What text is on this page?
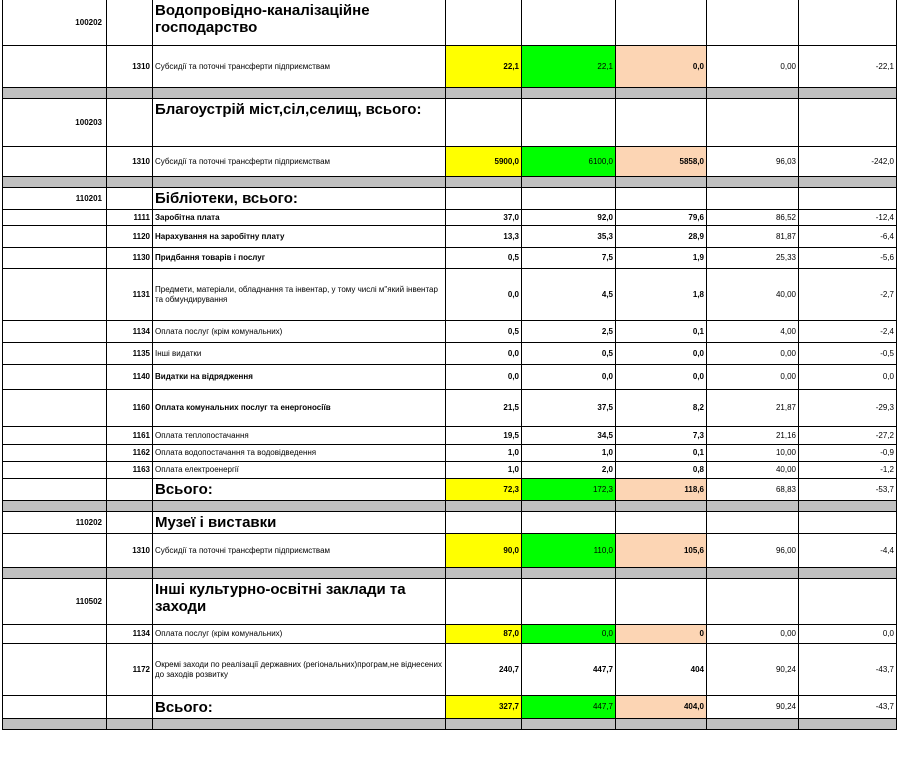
100202		Водопровідно-каналізаційне господарство					
	1310	Субсидії та поточні трансферти підприємствам	22,1	22,1	0,0	0,00	-22,1

100203		Благоустрій міст,сіл,селищ, всього:					
	1310	Субсидії та поточні трансферти підприємствам	5900,0	6100,0	5858,0	96,03	-242,0

110201		Бібліотеки, всього:					
	1111	Заробітна плата	37,0	92,0	79,6	86,52	-12,4
	1120	Нарахування на заробітну плату	13,3	35,3	28,9	81,87	-6,4
	1130	Придбання товарів і послуг	0,5	7,5	1,9	25,33	-5,6
	1131	Предмети, матеріали, обладнання та інвентар, у тому числі м"який інвентар та обмундирування	0,0	4,5	1,8	40,00	-2,7
	1134	Оплата послуг (крім комунальних)	0,5	2,5	0,1	4,00	-2,4
	1135	Інші видатки	0,0	0,5	0,0	0,00	-0,5
	1140	Видатки на відрядження	0,0	0,0	0,0	0,00	0,0
	1160	Оплата комунальних послуг та енергоносіїв	21,5	37,5	8,2	21,87	-29,3
	1161	Оплата теплопостачання	19,5	34,5	7,3	21,16	-27,2
	1162	Оплата водопостачання та водовідведення	1,0	1,0	0,1	10,00	-0,9
	1163	Оплата електроенергії	1,0	2,0	0,8	40,00	-1,2
		Всього:	72,3	172,3	118,6	68,83	-53,7

110202		Музеї і виставки					
	1310	Субсидії та поточні трансферти підприємствам	90,0	110,0	105,6	96,00	-4,4

110502		Інші культурно-освітні заклади та заходи					
	1134	Оплата послуг (крім комунальних)	87,0	0,0	0	0,00	0,0
	1172	Окремі заходи по реалізації державних (регіональних)програм,не віднесених до заходів розвитку	240,7	447,7	404	90,24	-43,7
		Всього:	327,7	447,7	404,0	90,24	-43,7
